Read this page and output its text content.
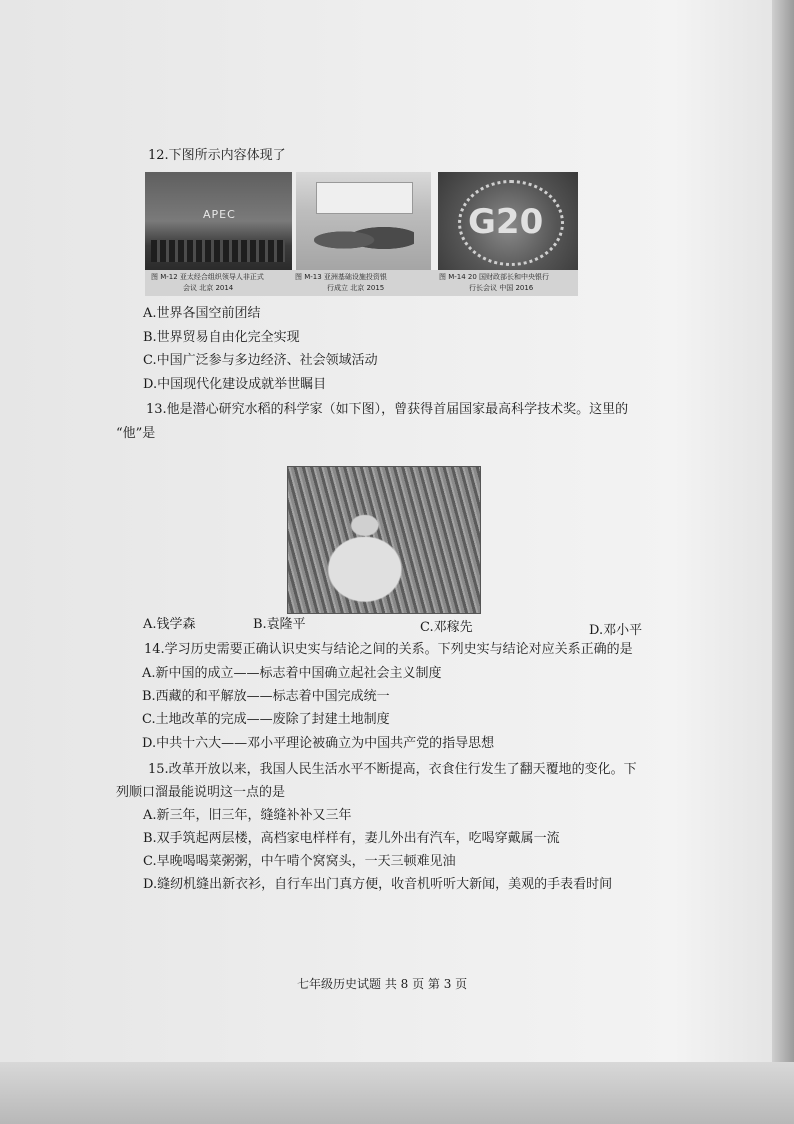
12.下图所示内容体现了
APEC	G20
图 M-12 亚太经合组织领导人非正式
会议 北京 2014
图 M-13 亚洲基础设施投资银
行成立 北京 2015
图 M-14 20 国财政部长和中央银行
行长会议 中国 2016
A.世界各国空前团结
B.世界贸易自由化完全实现
C.中国广泛参与多边经济、社会领域活动
D.中国现代化建设成就举世瞩目
13.他是潜心研究水稻的科学家（如下图），曾获得首届国家最高科学技术奖。这里的
“他”是
A.钱学森	B.袁隆平	C.邓稼先	D.邓小平
14.学习历史需要正确认识史实与结论之间的关系。下列史实与结论对应关系正确的是
A.新中国的成立——标志着中国确立起社会主义制度
B.西藏的和平解放——标志着中国完成统一
C.土地改革的完成——废除了封建土地制度
D.中共十六大——邓小平理论被确立为中国共产党的指导思想
15.改革开放以来，我国人民生活水平不断提高，衣食住行发生了翻天覆地的变化。下
列顺口溜最能说明这一点的是
A.新三年，旧三年，缝缝补补又三年
B.双手筑起两层楼，高档家电样样有，妻儿外出有汽车，吃喝穿戴属一流
C.早晚喝喝菜粥粥，中午啃个窝窝头，一天三顿难见油
D.缝纫机缝出新衣衫，自行车出门真方便，收音机听听大新闻，美观的手表看时间
七年级历史试题 共 8 页 第 3 页
